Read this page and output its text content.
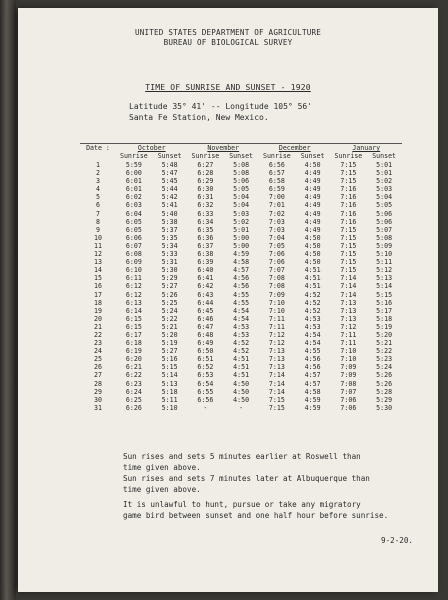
UNITED STATES DEPARTMENT OF AGRICULTURE
BUREAU OF BIOLOGICAL SURVEY
TIME OF SUNRISE AND SUNSET - 1920
Latitude 35° 41' -- Longitude 105° 56'
Santa Fe Station, New Mexico.
Date :	October	November	December	January
Sunrise	Sunset	Sunrise	Sunset	Sunrise	Sunset	Sunrise	Sunset
1	5:59	5:48	6:27	5:08	6:56	4:50	7:15	5:01
2	6:00	5:47	6:28	5:08	6:57	4:49	7:15	5:01
3	6:01	5:45	6:29	5:06	6:58	4:49	7:15	5:02
4	6:01	5:44	6:30	5:05	6:59	4:49	7:16	5:03
5	6:02	5:42	6:31	5:04	7:00	4:49	7:16	5:04
6	6:03	5:41	6:32	5:04	7:01	4:49	7:16	5:05
7	6:04	5:40	6:33	5:03	7:02	4:49	7:16	5:06
8	6:05	5:38	6:34	5:02	7:03	4:49	7:16	5:06
9	6:05	5:37	6:35	5:01	7:03	4:49	7:15	5:07
10	6:06	5:35	6:36	5:00	7:04	4:50	7:15	5:08
11	6:07	5:34	6:37	5:00	7:05	4:50	7:15	5:09
12	6:08	5:33	6:38	4:59	7:06	4:50	7:15	5:10
13	6:09	5:31	6:39	4:58	7:06	4:50	7:15	5:11
14	6:10	5:30	6:40	4:57	7:07	4:51	7:15	5:12
15	6:11	5:29	6:41	4:56	7:08	4:51	7:14	5:13
16	6:12	5:27	6:42	4:56	7:08	4:51	7:14	5:14
17	6:12	5:26	6:43	4:55	7:09	4:52	7:14	5:15
18	6:13	5:25	6:44	4:55	7:10	4:52	7:13	5:16
19	6:14	5:24	6:45	4:54	7:10	4:52	7:13	5:17
20	6:15	5:22	6:46	4:54	7:11	4:53	7:13	5:18
21	6:15	5:21	6:47	4:53	7:11	4:53	7:12	5:19
22	6:17	5:20	6:48	4:53	7:12	4:54	7:11	5:20
23	6:18	5:19	6:49	4:52	7:12	4:54	7:11	5:21
24	6:19	5:27	6:50	4:52	7:13	4:55	7:10	5:22
25	6:20	5:16	6:51	4:51	7:13	4:56	7:10	5:23
26	6:21	5:15	6:52	4:51	7:13	4:56	7:09	5:24
27	6:22	5:14	6:53	4:51	7:14	4:57	7:09	5:26
28	6:23	5:13	6:54	4:50	7:14	4:57	7:08	5:26
29	6:24	5:18	6:55	4:50	7:14	4:58	7:07	5:28
30	6:25	5:11	6:56	4:50	7:15	4:59	7:06	5:29
31	6:26	5:10	-	-	7:15	4:59	7:06	5:30
Sun rises and sets 5 minutes earlier at Roswell than
time given above.
Sun rises and sets 7 minutes later at Albuquerque than
time given above.
It is unlawful to hunt, pursue or take any migratory
game bird between sunset and one half hour before sunrise.
9-2-20.
